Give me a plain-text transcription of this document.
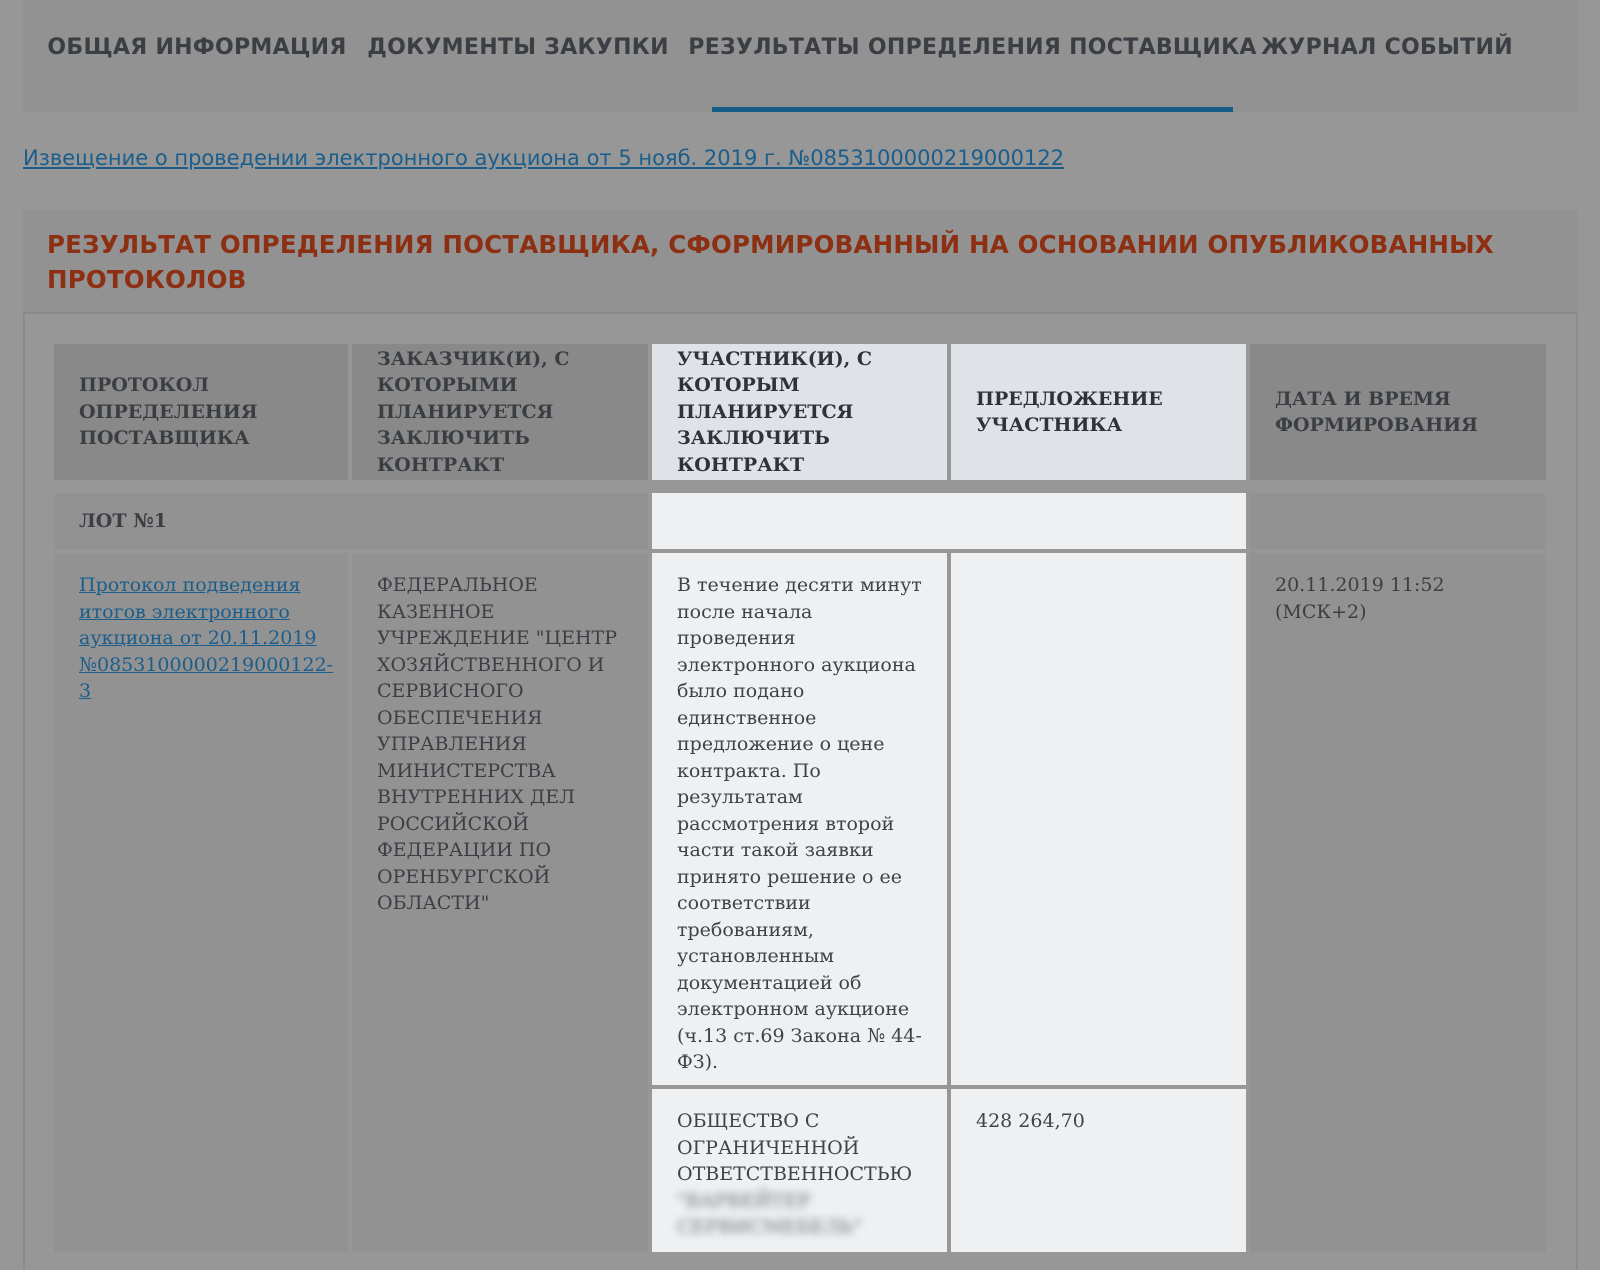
ОБЩАЯ ИНФОРМАЦИЯ ДОКУМЕНТЫ ЗАКУПКИ РЕЗУЛЬТАТЫ ОПРЕДЕЛЕНИЯ ПОСТАВЩИКА ЖУРНАЛ СОБЫТИЙ
Извещение о проведении электронного аукциона от 5 нояб. 2019 г. №0853100000219000122
РЕЗУЛЬТАТ ОПРЕДЕЛЕНИЯ ПОСТАВЩИКА, СФОРМИРОВАННЫЙ НА ОСНОВАНИИ ОПУБЛИКОВАННЫХ ПРОТОКОЛОВ
ПРОТОКОЛ ОПРЕДЕЛЕНИЯ ПОСТАВЩИКА
ЗАКАЗЧИК(И), С КОТОРЫМИ ПЛАНИРУЕТСЯ ЗАКЛЮЧИТЬ КОНТРАКТ
УЧАСТНИК(И), С КОТОРЫМ ПЛАНИРУЕТСЯ ЗАКЛЮЧИТЬ КОНТРАКТ
ПРЕДЛОЖЕНИЕ УЧАСТНИКА
ДАТА И ВРЕМЯ ФОРМИРОВАНИЯ
ЛОТ №1
Протокол подведения итогов электронного аукциона от 20.11.2019 №0853100000219000122-3
ФЕДЕРАЛЬНОЕ КАЗЕННОЕ УЧРЕЖДЕНИЕ "ЦЕНТР ХОЗЯЙСТВЕННОГО И СЕРВИСНОГО ОБЕСПЕЧЕНИЯ УПРАВЛЕНИЯ МИНИСТЕРСТВА ВНУТРЕННИХ ДЕЛ РОССИЙСКОЙ ФЕДЕРАЦИИ ПО ОРЕНБУРГСКОЙ ОБЛАСТИ"
В течение десяти минут после начала проведения электронного аукциона было подано единственное предложение о цене контракта. По результатам рассмотрения второй части такой заявки принято решение о ее соответствии требованиям, установленным документацией об электронном аукционе (ч.13 ст.69 Закона № 44-ФЗ).
20.11.2019 11:52 (МСК+2)
ОБЩЕСТВО С ОГРАНИЧЕННОЙ ОТВЕТСТВЕННОСТЬЮ
"ВАРВЕЙТЕР СЕРВИСМЕБЕЛЬ"
428 264,70
